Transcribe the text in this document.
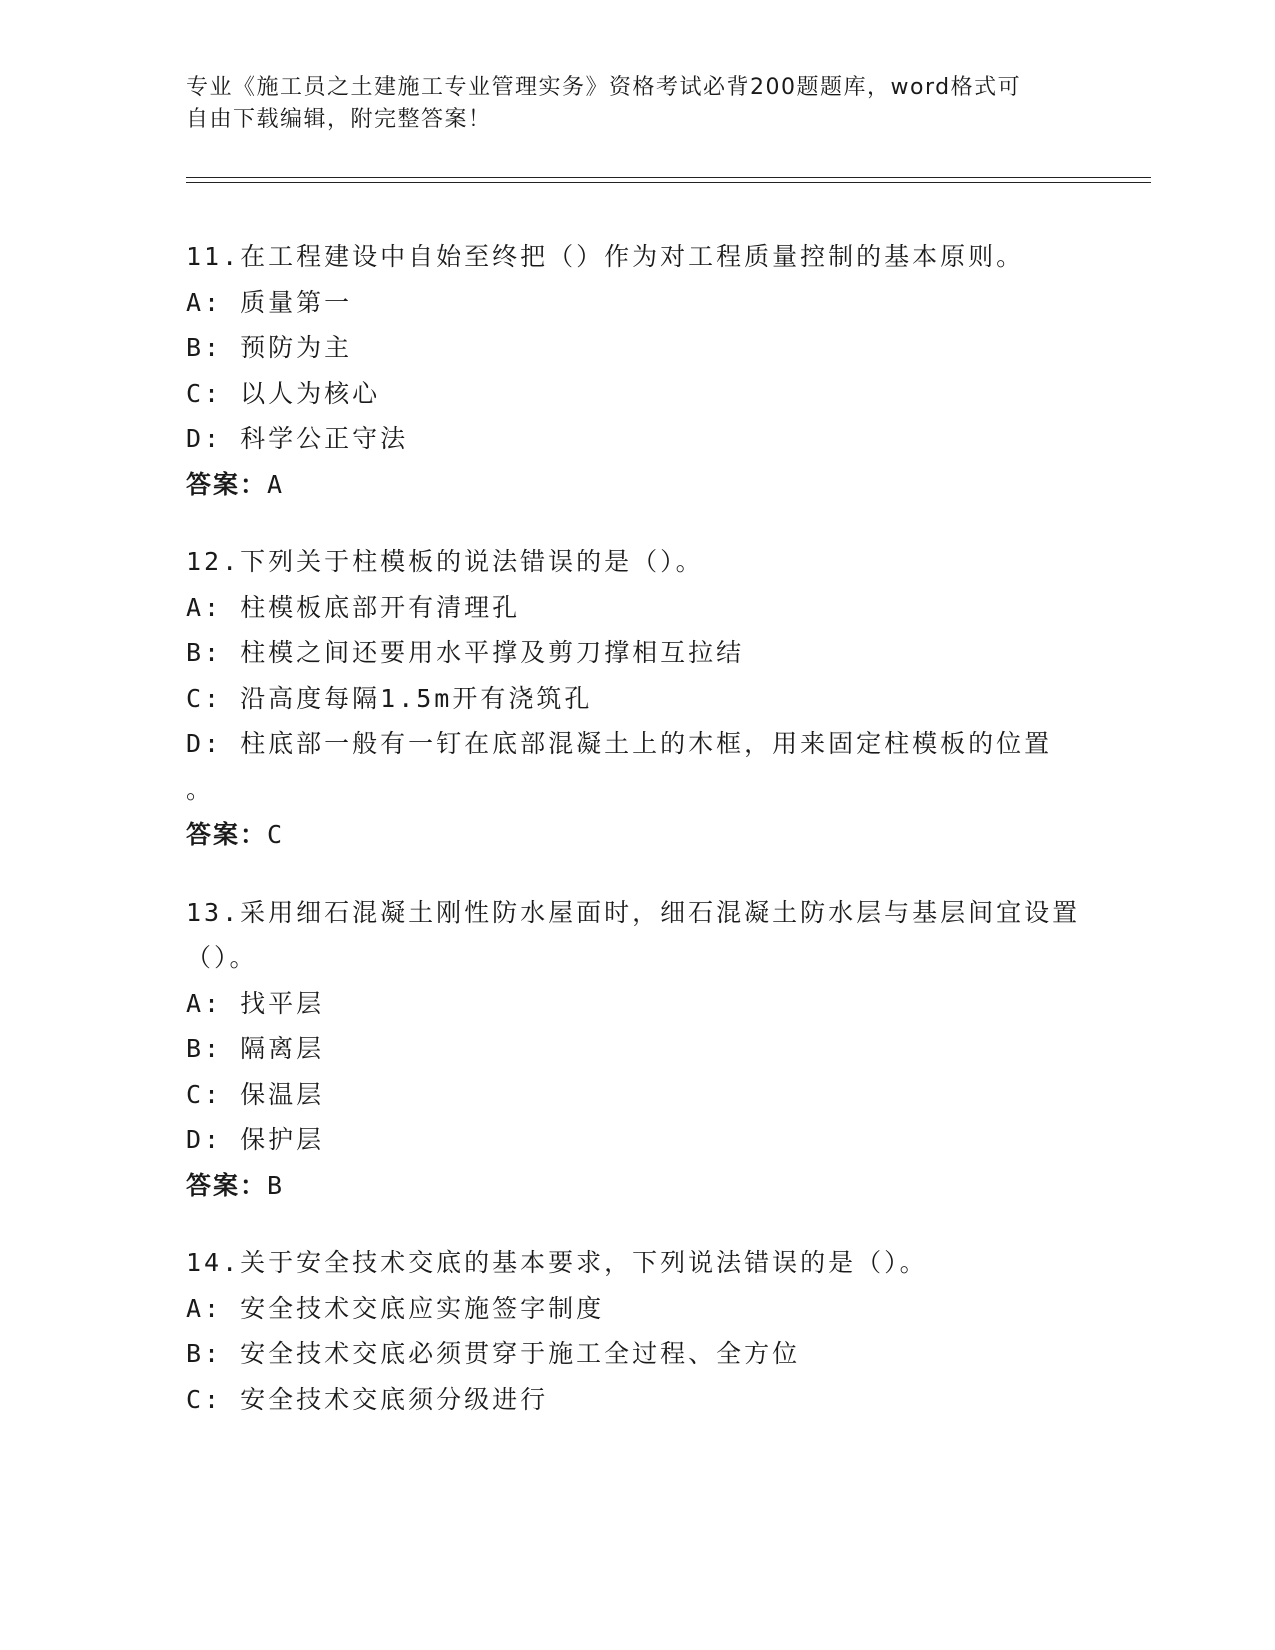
专业《施工员之土建施工专业管理实务》资格考试必背200题题库，word格式可
自由下载编辑，附完整答案！
11.在工程建设中自始至终把（）作为对工程质量控制的基本原则。
A: 质量第一
B: 预防为主
C: 以人为核心
D: 科学公正守法
答案：A
12.下列关于柱模板的说法错误的是（）。
A: 柱模板底部开有清理孔
B: 柱模之间还要用水平撑及剪刀撑相互拉结
C: 沿高度每隔1.5m开有浇筑孔
D: 柱底部一般有一钉在底部混凝土上的木框，用来固定柱模板的位置
。
答案：C
13.采用细石混凝土刚性防水屋面时，细石混凝土防水层与基层间宜设置（）。
A: 找平层
B: 隔离层
C: 保温层
D: 保护层
答案：B
14.关于安全技术交底的基本要求，下列说法错误的是（）。
A: 安全技术交底应实施签字制度
B: 安全技术交底必须贯穿于施工全过程、全方位
C: 安全技术交底须分级进行
